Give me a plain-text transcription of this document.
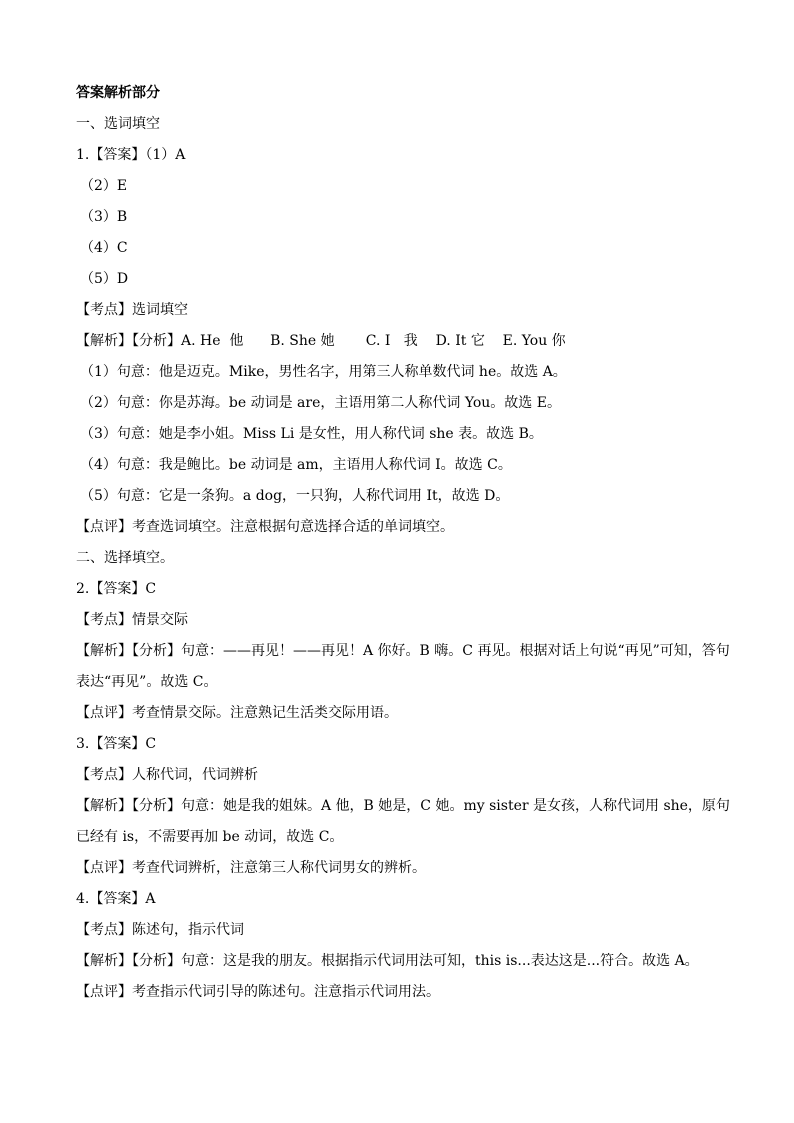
答案解析部分
一、选词填空
1.【答案】（1）A
（2）E
（3）B
（4）C
（5）D
【考点】选词填空
【解析】【分析】A. He  他      B. She 她       C. I   我    D. It 它    E. You 你
（1）句意：他是迈克。Mike，男性名字，用第三人称单数代词 he。故选 A。
（2）句意：你是苏海。be 动词是 are，主语用第二人称代词 You。故选 E。
（3）句意：她是李小姐。Miss Li 是女性，用人称代词 she 表。故选 B。
（4）句意：我是鲍比。be 动词是 am，主语用人称代词 I。故选 C。
（5）句意：它是一条狗。a dog，一只狗，人称代词用 It，故选 D。
【点评】考查选词填空。注意根据句意选择合适的单词填空。
二、选择填空。
2.【答案】C
【考点】情景交际
【解析】【分析】句意：——再见！——再见！A 你好。B 嗨。C 再见。根据对话上句说“再见”可知，答句表达“再见”。故选 C。
【点评】考查情景交际。注意熟记生活类交际用语。
3.【答案】C
【考点】人称代词，代词辨析
【解析】【分析】句意：她是我的姐妹。A 他，B 她是，C 她。my sister 是女孩，人称代词用 she，原句已经有 is，不需要再加 be 动词，故选 C。
【点评】考查代词辨析，注意第三人称代词男女的辨析。
4.【答案】A
【考点】陈述句，指示代词
【解析】【分析】句意：这是我的朋友。根据指示代词用法可知，this is...表达这是...符合。故选 A。
【点评】考查指示代词引导的陈述句。注意指示代词用法。
